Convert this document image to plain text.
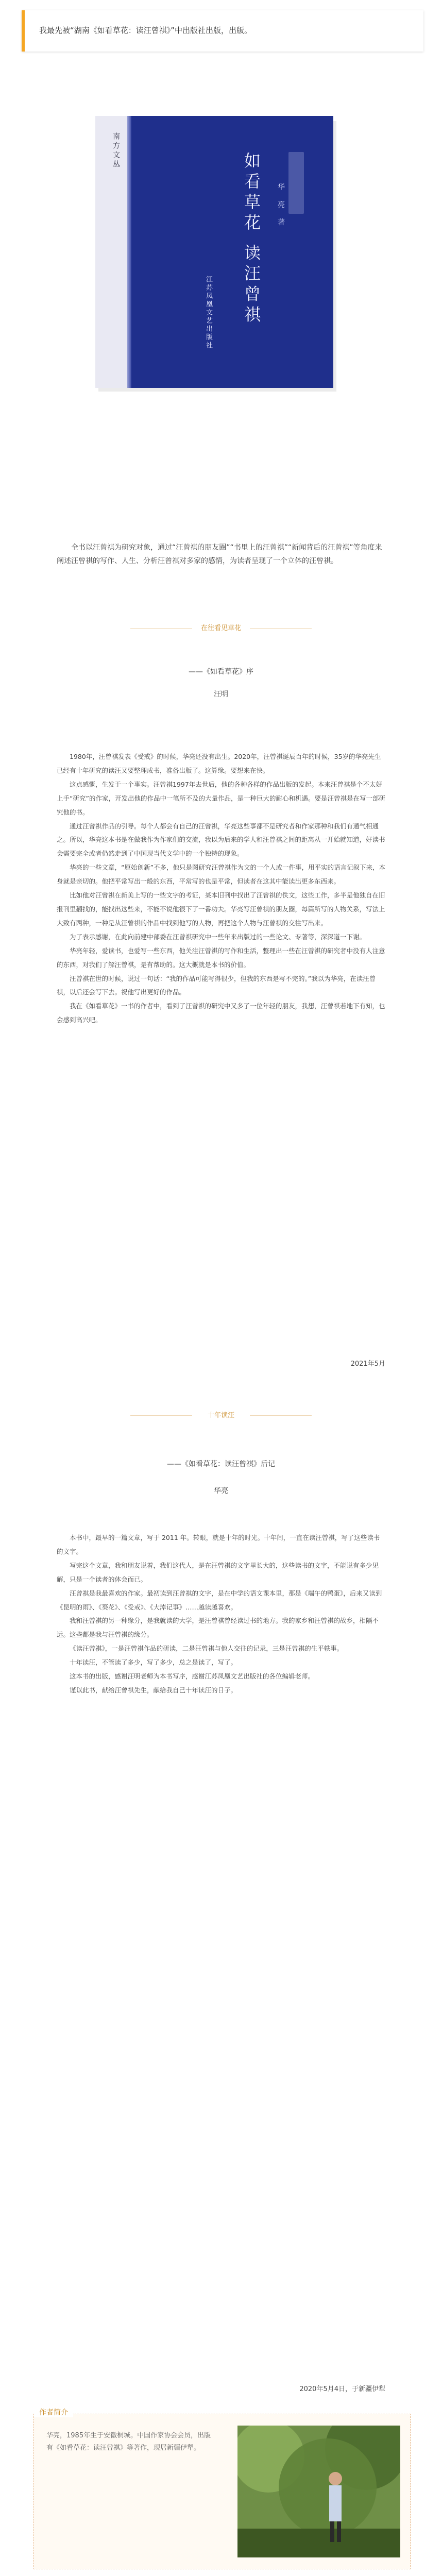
我最先被“湖南《如看草花：读汪曾祺》”中出版社出版，出版。
南方文丛
如看草花 读汪曾祺 华 亮 著
江苏凤凰文艺出版社

全书以汪曾祺为研究对象，通过“汪曾祺的朋友圈”“书里上的汪曾祺”“新闻背后的汪曾祺”等角度来阐述汪曾祺的写作、人生、分析汪曾祺对多家的感情，为读者呈现了一个立体的汪曾祺。

在往看见草花
——《如看草花》序
汪明

1980年，汪曾祺发表《受戒》的时候，华亮还没有出生。2020年，汪曾祺诞辰百年的时候，35岁的华亮先生已经有十年研究的读汪又要整理成书，准备出版了。这算缘。要想来在快。

这点感慨，生发于一个事实。汪曾祺1997年去世后，他的各种各样的作品出版的发起。本来汪曾祺是个不太好上手“研究”的作家，开发出他的作品中一笔所不及的大量作品，是一种巨大的耐心和机遇。要是汪曾祺是在写一部研究他的书。

通过汪曾祺作品的引导。每个人都会有自己的汪曾祺，华亮这些事都不是研究者和作家那种和我们有通气相通之。所以，华亮这本书是在做我作为作家们的交流，我以为后来的学人和汪曾祺之间的距离从一开始就知道，好读书会需要完全或者仍然走到了中国现当代文学中的一个独特的现象。

华亮的一些文章，“原始创新”不多，他只是图研究汪曾祺作为文的一个人或一件事，用平实的语言记叙下来，本身就是亲切的。他把平常写出一般的东西，平常写的也是平常，但读者在这其中能读出更多东西来。

比如他对汪曾祺在新美上写的一些文字的考证，某本旧刊中找出了汪曾祺的佚文，这些工作，多半是他独自在旧报刊里翻找的，能找出这些来，不能不说他很下了一番功夫。华亮写汪曾祺的朋友圈，每篇所写的人物关系，写法上大致有两种，一种是从汪曾祺的作品中找到他写的人物，再把这个人物与汪曾祺的交往写出来。

为了表示感谢，在此向前建中部委在汪曾祺研究中一些年来出版过的一些论文、专著等，深深道一下谢。

华亮年轻，爱读书，也爱写一些东西，他关注汪曾祺的写作和生活，整理出一些在汪曾祺的研究者中没有人注意的东西，对我们了解汪曾祺，是有帮助的。这大概就是本书的价值。

汪曾祺在世的时候，说过一句话：“我的作品可能写得很少，但我的东西是写不完的。”我以为华亮，在读汪曾祺，以后还会写下去。祝他写出更好的作品。

我在《如看草花》一书的作者中，看到了汪曾祺的研究中又多了一位年轻的朋友，我想，汪曾祺若地下有知，也会感到高兴吧。

2021年5月
十年读汪
——《如看草花：读汪曾祺》后记
华亮

本书中，最早的一篇文章，写于 2011 年。转眼，就是十年的时光。十年间，一直在读汪曾祺，写了这些读书的文字。

写完这个文章，我和朋友说着，我们这代人，是在汪曾祺的文字里长大的，这些读书的文字，不能说有多少见解，只是一个读者的体会而已。

汪曾祺是我最喜欢的作家。最初读到汪曾祺的文字，是在中学的语文课本里，那是《端午的鸭蛋》，后来又读到《昆明的雨》、《葵花》、《受戒》、《大淖记事》……越读越喜欢。

我和汪曾祺的另一种缘分，是我就读的大学，是汪曾祺曾经读过书的地方。我的家乡和汪曾祺的故乡，相隔不远。这些都是我与汪曾祺的缘分。

《读汪曾祺》，一是汪曾祺作品的研读，二是汪曾祺与他人交往的记录，三是汪曾祺的生平轶事。

十年读汪，不管读了多少，写了多少，总之是读了，写了。

这本书的出版，感谢汪明老师为本书写序，感谢江苏凤凰文艺出版社的各位编辑老师。

谨以此书，献给汪曾祺先生，献给我自己十年读汪的日子。

2020年5月4日，于新疆伊犁
作者简介
华亮，1985年生于安徽桐城。中国作家协会会员，出版有《如看草花：读汪曾祺》等著作，现居新疆伊犁。
